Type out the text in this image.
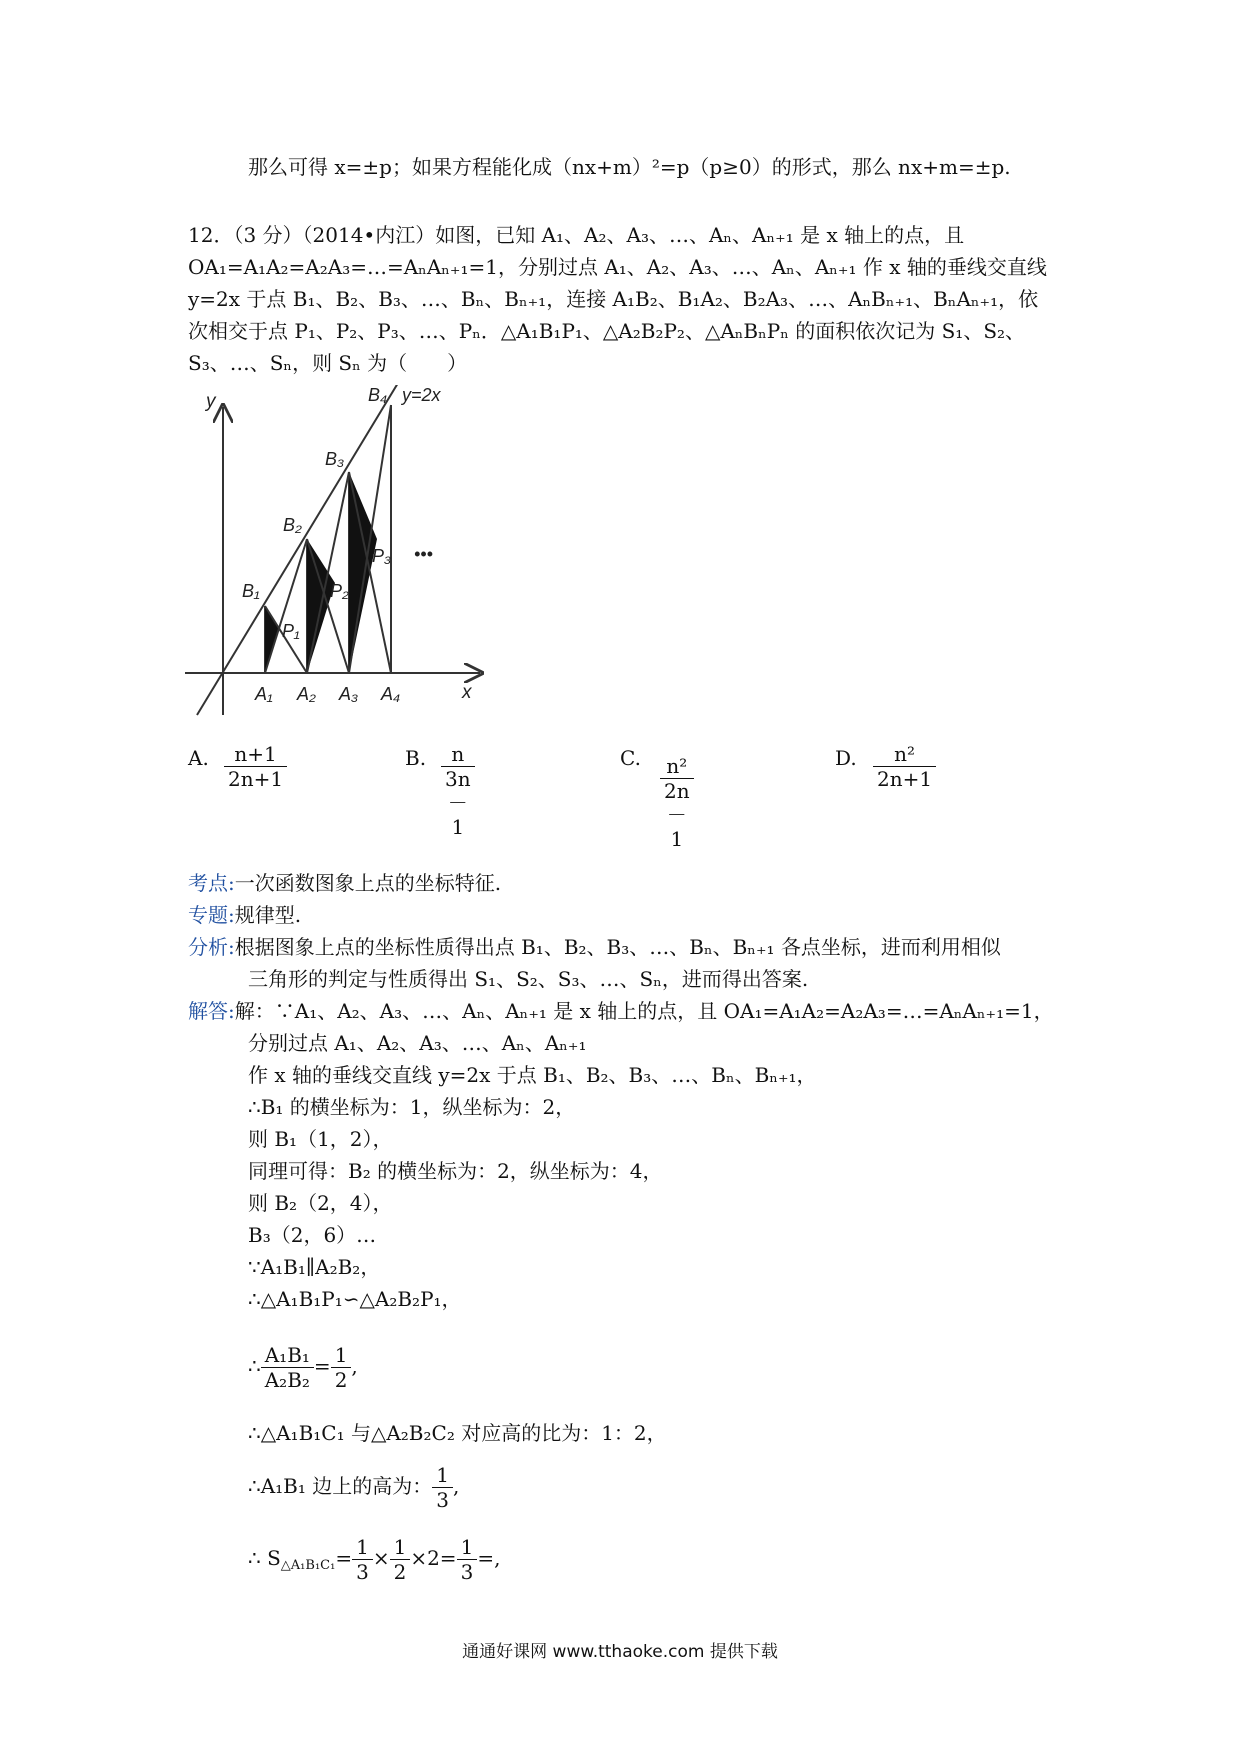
那么可得 x=±p；如果方程能化成（nx+m）²=p（p≥0）的形式，那么 nx+m=±p.
12．（3 分）（2014•内江）如图，已知 A₁、A₂、A₃、…、Aₙ、Aₙ₊₁ 是 x 轴上的点，且
OA₁=A₁A₂=A₂A₃=…=AₙAₙ₊₁=1，分别过点 A₁、A₂、A₃、…、Aₙ、Aₙ₊₁ 作 x 轴的垂线交直线
y=2x 于点 B₁、B₂、B₃、…、Bₙ、Bₙ₊₁，连接 A₁B₂、B₁A₂、B₂A₃、…、AₙBₙ₊₁、BₙAₙ₊₁，依
次相交于点 P₁、P₂、P₃、…、Pₙ．△A₁B₁P₁、△A₂B₂P₂、△AₙBₙPₙ 的面积依次记为 S₁、S₂、
S₃、…、Sₙ，则 Sₙ 为（　　）
y
x
y=2x
A₁ A₂ A₃ A₄
B₁
B₂
B₃
B₄
P₁
P₂
P₃ •••
A. $\frac{n+1}{2n+1}$	B. $\frac{n}{3n-1}$	C. $\frac{\text{n²}}{2n-1}$	D. $\frac{\text{n²}}{2n+1}$
考点:一次函数图象上点的坐标特征.
专题:规律型.
分析:根据图象上点的坐标性质得出点 B₁、B₂、B₃、…、Bₙ、Bₙ₊₁ 各点坐标，进而利用相似
三角形的判定与性质得出 S₁、S₂、S₃、…、Sₙ，进而得出答案.
解答:解：∵A₁、A₂、A₃、…、Aₙ、Aₙ₊₁ 是 x 轴上的点，且 OA₁=A₁A₂=A₂A₃=…=AₙAₙ₊₁=1，
分别过点 A₁、A₂、A₃、…、Aₙ、Aₙ₊₁
作 x 轴的垂线交直线 y=2x 于点 B₁、B₂、B₃、…、Bₙ、Bₙ₊₁，
∴B₁ 的横坐标为：1，纵坐标为：2，
则 B₁（1，2），
同理可得：B₂ 的横坐标为：2，纵坐标为：4，
则 B₂（2，4），
B₃（2，6）…
∵A₁B₁∥A₂B₂，
∴△A₁B₁P₁∽△A₂B₂P₁，
∴ $\frac{\text{A₁B₁}}{\text{A₂B₂}} = \frac{1}{2}$ ,
∴△A₁B₁C₁ 与△A₂B₂C₂ 对应高的比为：1：2，
∴A₁B₁ 边上的高为： $\frac{1}{3}$ ,
∴ $S_{\triangle A_1B_1C_1}= \frac{1}{3} \times \frac{1}{2} \times 2= \frac{1}{3}$ =,
通通好课网 www.tthaoke.com 提供下载
